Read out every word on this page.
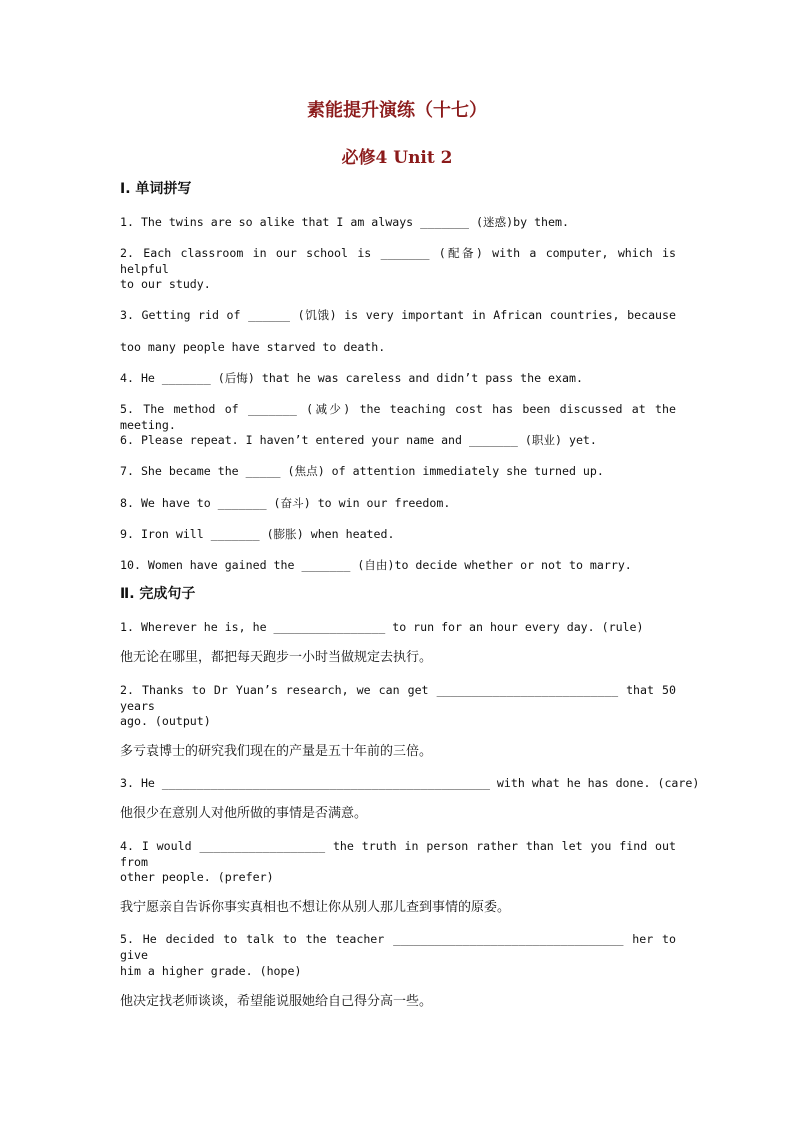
素能提升演练（十七）
必修4 Unit 2
Ⅰ. 单词拼写
1. The twins are so alike that I am always _______ (迷惑)by them.
2. Each classroom in our school is _______ (配备) with a computer, which is helpful
to our study.
3. Getting rid of ______ (饥饿) is very important in African countries, because
too many people have starved to death.
4. He _______ (后悔) that he was careless and didn’t pass the exam.
5. The method of _______ (减少) the teaching cost has been discussed at the meeting.
6. Please repeat. I haven’t entered your name and _______ (职业) yet.
7. She became the _____ (焦点) of attention immediately she turned up.
8. We have to _______ (奋斗) to win our freedom.
9. Iron will _______ (膨胀) when heated.
10. Women have gained the _______ (自由)to decide whether or not to marry.
Ⅱ. 完成句子
1. Wherever he is, he ________________ to run for an hour every day. (rule)
他无论在哪里，都把每天跑步一小时当做规定去执行。
2. Thanks to Dr Yuan’s research, we can get __________________________ that 50 years
ago. (output)
多亏袁博士的研究我们现在的产量是五十年前的三倍。
3. He _______________________________________________ with what he has done. (care)
他很少在意别人对他所做的事情是否满意。
4. I would __________________ the truth in person rather than let you find out from
other people. (prefer)
我宁愿亲自告诉你事实真相也不想让你从别人那儿查到事情的原委。
5. He decided to talk to the teacher _________________________________ her to give
him a higher grade. (hope)
他决定找老师谈谈，希望能说服她给自己得分高一些。
